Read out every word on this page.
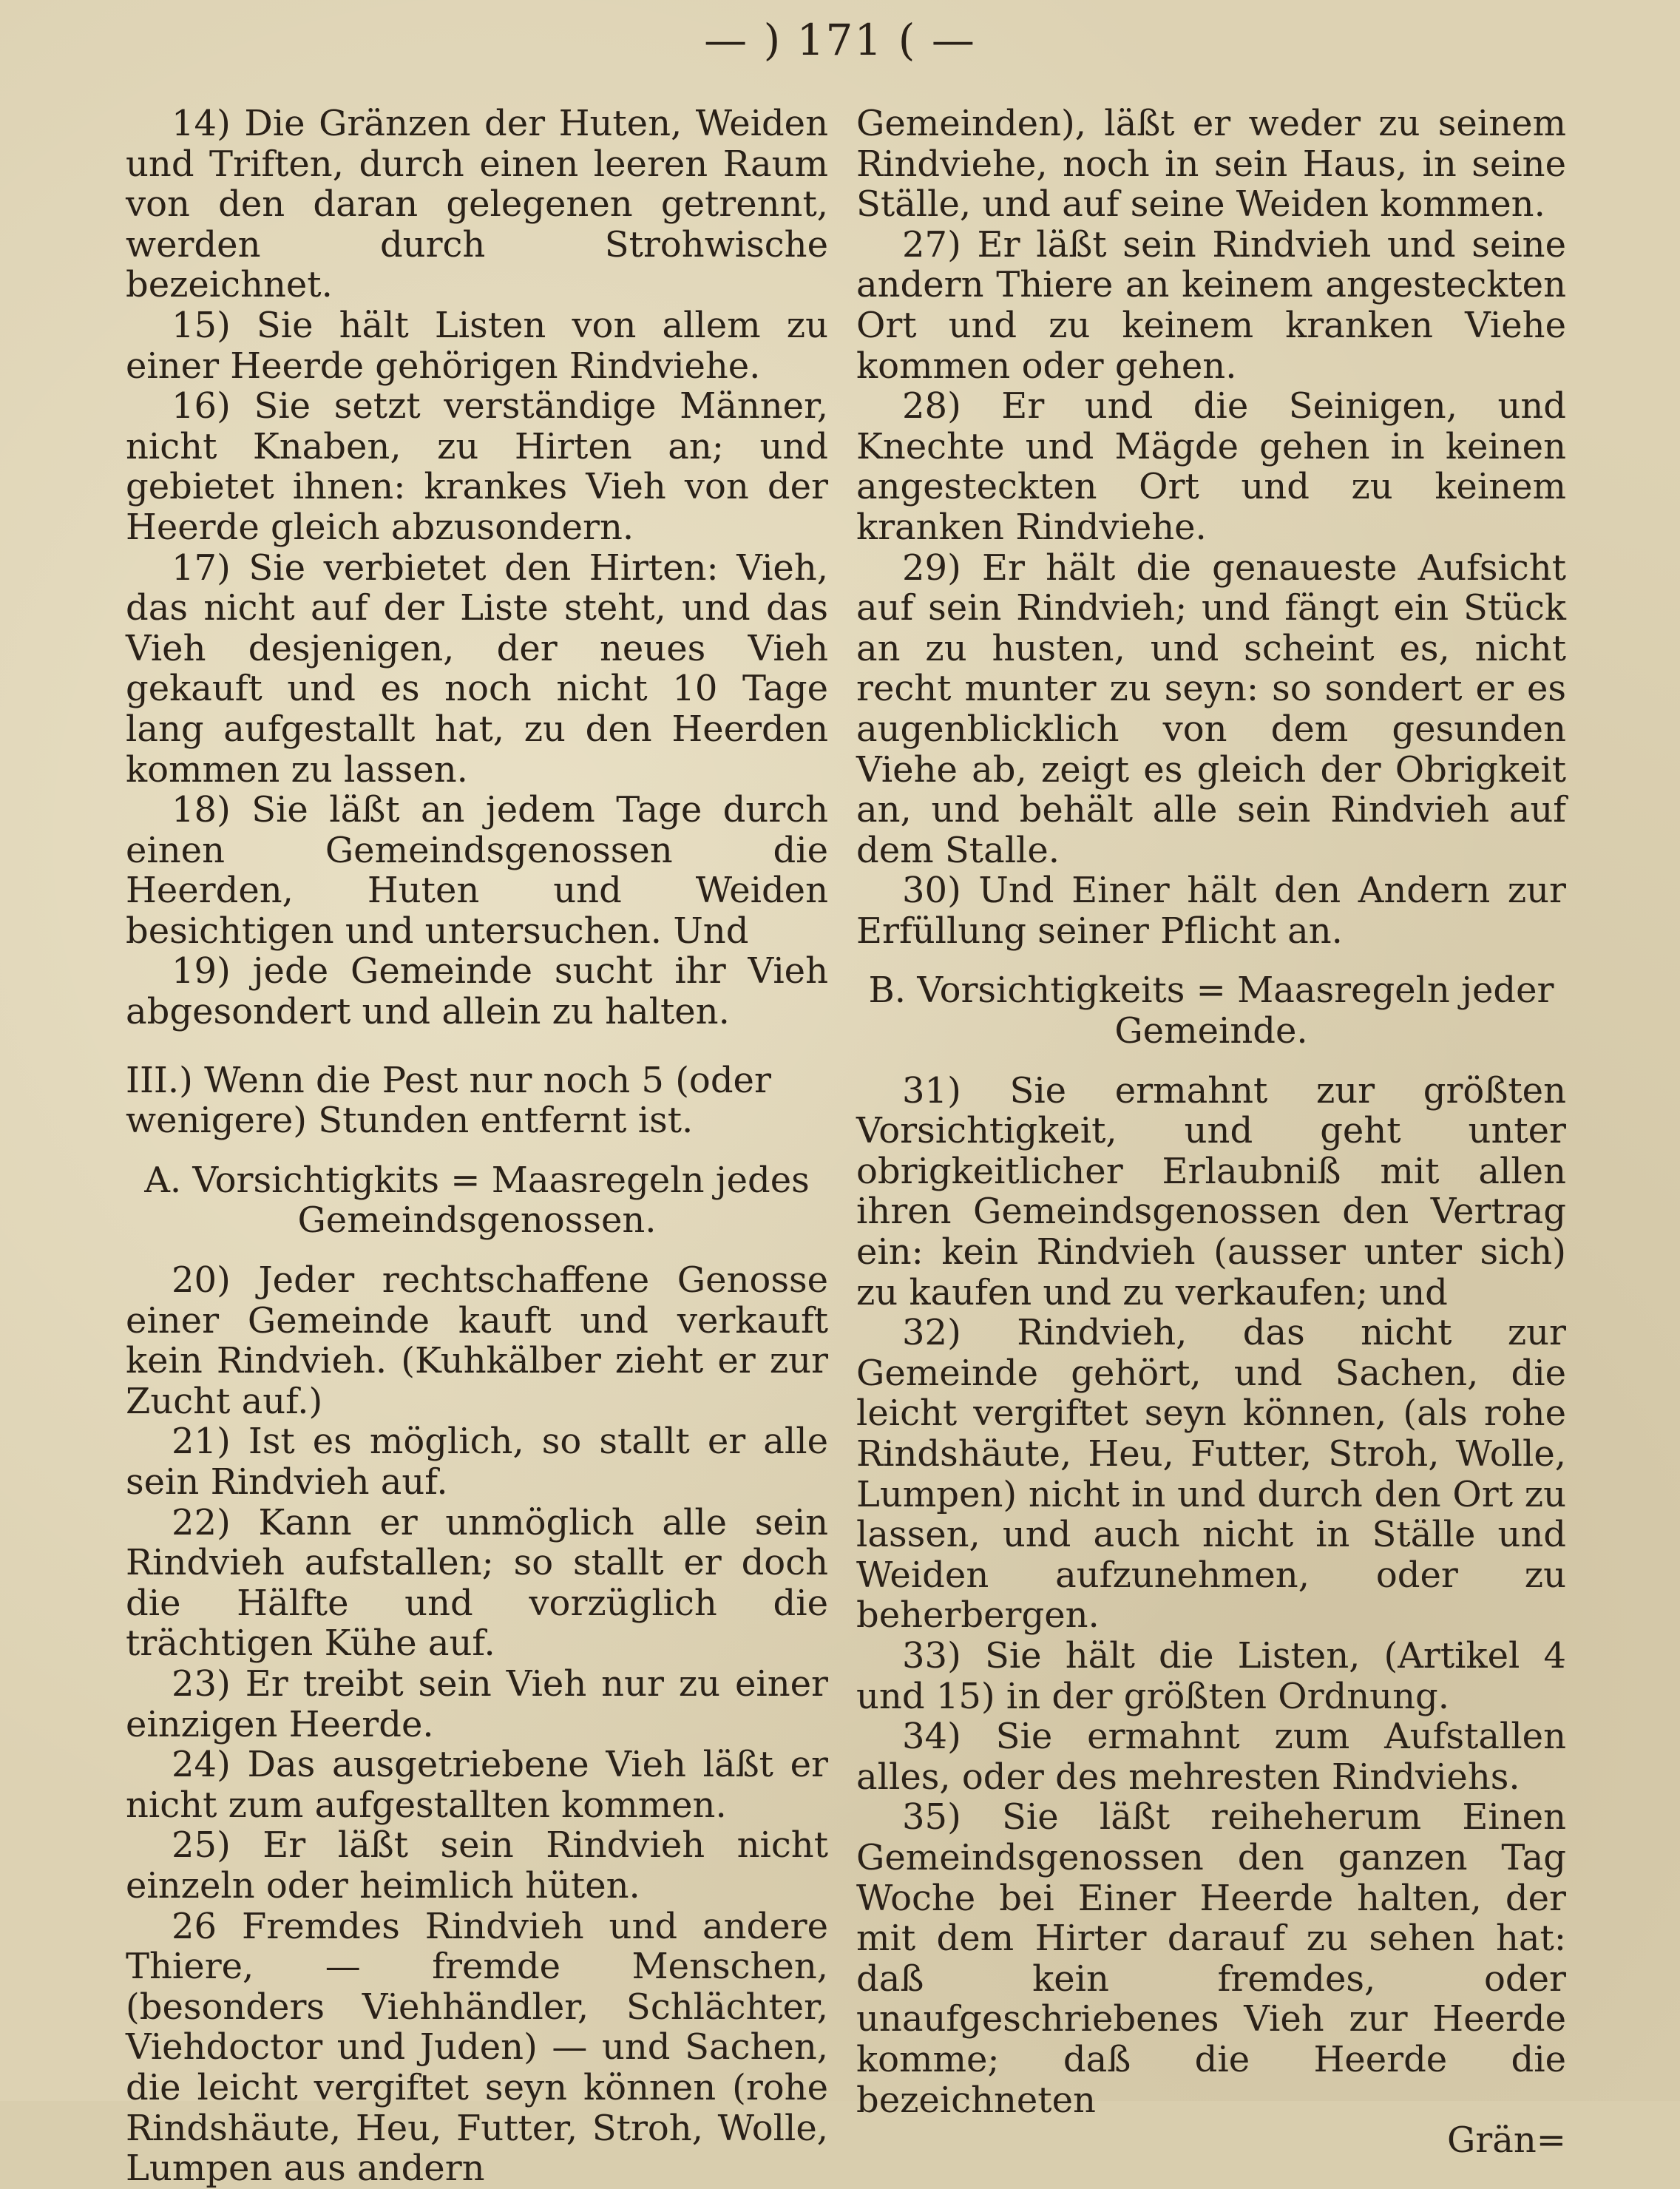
— ) 171 ( —

14) Die Gränzen der Huten, Weiden und Triften, durch einen leeren Raum von den daran gelegenen getrennt, werden durch Strohwische bezeichnet.

15) Sie hält Listen von allem zu einer Heerde gehörigen Rindviehe.

16) Sie setzt verständige Männer, nicht Knaben, zu Hirten an; und gebietet ihnen: krankes Vieh von der Heerde gleich abzusondern.

17) Sie verbietet den Hirten: Vieh, das nicht auf der Liste steht, und das Vieh desjenigen, der neues Vieh gekauft und es noch nicht 10 Tage lang aufgestallt hat, zu den Heerden kommen zu lassen.

18) Sie läßt an jedem Tage durch einen Gemeindsgenossen die Heerden, Huten und Weiden besichtigen und untersuchen. Und

19) jede Gemeinde sucht ihr Vieh abgesondert und allein zu halten.

III.) Wenn die Pest nur noch 5 (oder wenigere) Stunden entfernt ist.

A. Vorsichtigkits = Maasregeln jedes Gemeindsgenossen.

20) Jeder rechtschaffene Genosse einer Gemeinde kauft und verkauft kein Rindvieh. (Kuhkälber zieht er zur Zucht auf.)

21) Ist es möglich, so stallt er alle sein Rindvieh auf.

22) Kann er unmöglich alle sein Rindvieh aufstallen; so stallt er doch die Hälfte und vorzüglich die trächtigen Kühe auf.

23) Er treibt sein Vieh nur zu einer einzigen Heerde.

24) Das ausgetriebene Vieh läßt er nicht zum aufgestallten kommen.

25) Er läßt sein Rindvieh nicht einzeln oder heimlich hüten.

26 Fremdes Rindvieh und andere Thiere, — fremde Menschen, (besonders Viehhändler, Schlächter, Viehdoctor und Juden) — und Sachen, die leicht vergiftet seyn können (rohe Rindshäute, Heu, Futter, Stroh, Wolle, Lumpen aus andern

Gemeinden), läßt er weder zu seinem Rindviehe, noch in sein Haus, in seine Ställe, und auf seine Weiden kommen.

27) Er läßt sein Rindvieh und seine andern Thiere an keinem angesteckten Ort und zu keinem kranken Viehe kommen oder gehen.

28) Er und die Seinigen, und Knechte und Mägde gehen in keinen angesteckten Ort und zu keinem kranken Rindviehe.

29) Er hält die genaueste Aufsicht auf sein Rindvieh; und fängt ein Stück an zu husten, und scheint es, nicht recht munter zu seyn: so sondert er es augenblicklich von dem gesunden Viehe ab, zeigt es gleich der Obrigkeit an, und behält alle sein Rindvieh auf dem Stalle.

30) Und Einer hält den Andern zur Erfüllung seiner Pflicht an.

B. Vorsichtigkeits = Maasregeln jeder Gemeinde.

31) Sie ermahnt zur größten Vorsichtigkeit, und geht unter obrigkeitlicher Erlaubniß mit allen ihren Gemeindsgenossen den Vertrag ein: kein Rindvieh (ausser unter sich) zu kaufen und zu verkaufen; und

32) Rindvieh, das nicht zur Gemeinde gehört, und Sachen, die leicht vergiftet seyn können, (als rohe Rindshäute, Heu, Futter, Stroh, Wolle, Lumpen) nicht in und durch den Ort zu lassen, und auch nicht in Ställe und Weiden aufzunehmen, oder zu beherbergen.

33) Sie hält die Listen, (Artikel 4 und 15) in der größten Ordnung.

34) Sie ermahnt zum Aufstallen alles, oder des mehresten Rindviehs.

35) Sie läßt reiheherum Einen Gemeindsgenossen den ganzen Tag Woche bei Einer Heerde halten, der mit dem Hirter darauf zu sehen hat: daß kein fremdes, oder unaufgeschriebenes Vieh zur Heerde komme; daß die Heerde die bezeichneten

Grän=
